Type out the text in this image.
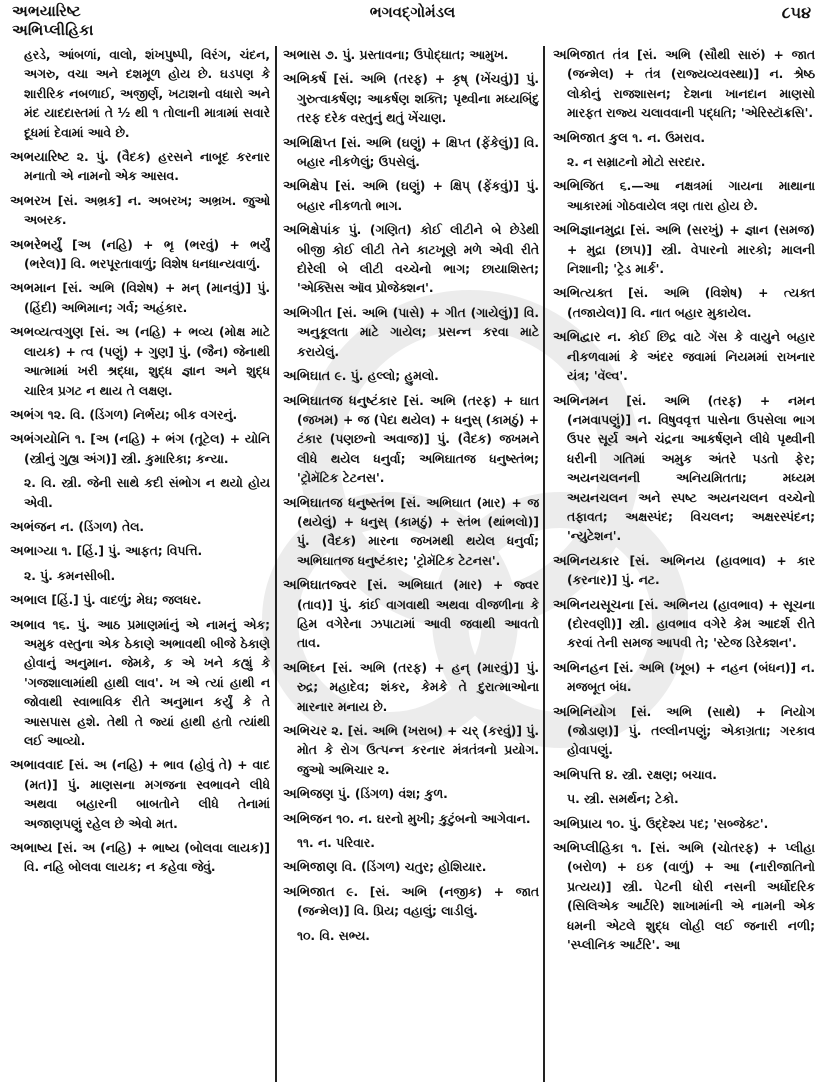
અભયારિષ્ટ
અભિપ્લીહિકા
ભગવદ્ગોમંડલ	૮૫૪

હરડે, આંબળાં, વાલો, શંખપુષ્પી, વિરંગ, ચંદન, અગરુ, વચા અને દશમૂળ હોય છે. ઘડપણ કે શારીરિક નબળાઈ, અજીર્ણ, ખટાશનો વધારો અને મંદ યાદદાસ્તમાં તે ½ થી ૧ તોલાની માત્રામાં સવારે દૂધમાં દેવામાં આવે છે.

અભયારિષ્ટ ૨. પું. (વૈદક) હરસને નાબૂદ કરનાર મનાતો એ નામનો એક આસવ.

અભરખ [સં. અભ્રક] ન. અબરખ; અભ્રખ. જુઓ અબરક.

અભરેભર્યું [અ (નહિ) + ભૃ (ભરવું) + ભર્યું (ભરેલ)] વિ. ભરપૂરતાવાળું; વિશેષ ધનધાન્યવાળું.

અભમાન [સં. અભિ (વિશેષ) + મન્ (માનવું)] પું. (હિંદી) અભિમાન; ગર્વ; અહંકાર.

અભવ્યત્વગુણ [સં. અ (નહિ) + ભવ્ય (મોક્ષ માટે લાયક) + ત્વ (પણું) + ગુણ] પું. (જૈન) જેનાથી આત્મામાં ખરી શ્રદ્ધા, શુદ્ધ જ્ઞાન અને શુદ્ધ ચારિત્ર પ્રગટ ન થાય તે લક્ષણ.

અભંગ ૧૨. વિ. (ડિંગળ) નિર્ભય; બીક વગરનું.

અભંગયોનિ ૧. [અ (નહિ) + ભંગ (તૂટેલ) + યોનિ (સ્ત્રીનું ગુહ્ય અંગ)] સ્ત્રી. કુમારિકા; કન્યા.

૨. વિ. સ્ત્રી. જેની સાથે કદી સંભોગ ન થયો હોય એવી.

અભંજન ન. (ડિંગળ) તેલ.

અભાગ્યા ૧. [હિં.] પું. આફત; વિપત્તિ.

૨. પું. કમનસીબી.

અભાલ [હિં.] પું. વાદળું; મેઘ; જલધર.

અભાવ ૧૬. પું. આઠ પ્રમાણમાંનું એ નામનું એક; અમુક વસ્તુના એક ઠેકાણે અભાવથી બીજે ઠેકાણે હોવાનું અનુમાન. જેમકે, ક એ ખને કહ્યું કે 'ગજશાલામાંથી હાથી લાવ'. ખ એ ત્યાં હાથી ન જોવાથી સ્વાભાવિક રીતે અનુમાન કર્યું કે તે આસપાસ હશે. તેથી તે જ્યાં હાથી હતો ત્યાંથી લઈ આવ્યો.

અભાવવાદ [સં. અ (નહિ) + ભાવ (હોવું તે) + વાદ (મત)] પું. માણસના મગજના સ્વભાવને લીધે અથવા બહારની બાબતોને લીધે તેનામાં અજાણપણું રહેલ છે એવો મત.

અભાષ્ય [સં. અ (નહિ) + ભાષ્ય (બોલવા લાયક)] વિ. નહિ બોલવા લાયક; ન કહેવા જેવું.

અભાસ ૭. પું. પ્રસ્તાવના; ઉપોદ્ઘાત; આમુખ.

અભિકર્ષ [સં. અભિ (તરફ) + કૃષ્ (ખેંચવું)] પું. ગુરુત્વાકર્ષણ; આકર્ષણ શક્તિ; પૃથ્વીના મધ્યબિંદુ તરફ દરેક વસ્તુનું થતું ખેંચાણ.

અભિક્ષિપ્ત [સં. અભિ (ઘણું) + ક્ષિપ્ત (ફેંકેલું)] વિ. બહાર નીકળેલું; ઉપસેલું.

અભિક્ષેપ [સં. અભિ (ઘણું) + ક્ષિપ્ (ફેંકવું)] પું. બહાર નીકળતો ભાગ.

અભિક્ષેપાંક પું. (ગણિત) કોઈ લીટીને બે છેડેથી બીજી કોઈ લીટી તેને કાટખૂણે મળે એવી રીતે દોરેલી બે લીટી વચ્ચેનો ભાગ; છાયાશિસ્ત; 'એક્સિસ ઑવ પ્રોજેક્શન'.

અભિગીત [સં. અભિ (પાસે) + ગીત (ગાયેલું)] વિ. અનુકૂલતા માટે ગાયેલ; પ્રસન્ન કરવા માટે કરાયેલું.

અભિઘાત ૯. પું. હલ્લો; હુમલો.

અભિઘાતજ ધનુષ્ટંકાર [સં. અભિ (તરફ) + ઘાત (જખમ) + જ (પેદા થયેલ) + ધનુસ્ (કામઠું) + ટંકાર (પણછનો અવાજ)] પું. (વૈદક) જખમને લીધે થયેલ ધનુર્વા; અભિઘાતજ ધનુષ્સ્તંભ; 'ટ્રોમૅટિક ટેટનસ'.

અભિઘાતજ ધનુષ્સ્તંભ [સં. અભિઘાત (માર) + જ (થયેલું) + ધનુસ્ (કામઠું) + સ્તંભ (થાંભલો)] પું. (વૈદક) મારના જખમથી થયેલ ધનુર્વા; અભિઘાતજ ધનુષ્ટંકાર; 'ટ્રોમૅટિક ટેટનસ'.

અભિઘાતજ્વર [સં. અભિઘાત (માર) + જ્વર (તાવ)] પું. કાંઈ વાગવાથી અથવા વીજળીના કે હિમ વગેરેના ઝપાટામાં આવી જવાથી આવતો તાવ.

અભિઘ્ન [સં. અભિ (તરફ) + હન્ (મારવું)] પું. રુદ્ર; મહાદેવ; શંકર, કેમકે તે દુરાત્માઓના મારનાર મનાય છે.

અભિચર ૨. [સં. અભિ (ખરાબ) + ચર્ (કરવું)] પું. મોત કે રોગ ઉત્પન્ન કરનાર મંત્રતંત્રનો પ્રયોગ. જુઓ અભિચાર ૨.

અભિજણ પું. (ડિંગળ) વંશ; કુળ.

અભિજન ૧૦. ન. ઘરનો મુખી; કુટુંબનો આગેવાન.

૧૧. ન. પરિવાર.

અભિજાણ વિ. (ડિંગળ) ચતુર; હોશિયાર.

અભિજાત ૯. [સં. અભિ (નજીક) + જાત (જન્મેલ)] વિ. પ્રિય; વહાલું; લાડીલું.

૧૦. વિ. સભ્ય.

અભિજાત તંત્ર [સં. અભિ (સૌથી સારું) + જાત (જન્મેલ) + તંત્ર (રાજ્યવ્યવસ્થા)] ન. શ્રેષ્ઠ લોકોનું રાજશાસન; દેશના ખાનદાન માણસો મારફત રાજ્ય ચલાવવાની પદ્ધતિ; 'એરિસ્ટૉક્રસિ'.

અભિજાત કુલ ૧. ન. ઉમરાવ.

૨. ન સમ્રાટનો મોટો સરદાર.

અભિજિત ૬.—આ નક્ષત્રમાં ગાયના માથાના આકારમાં ગોઠવાયેલ ત્રણ તારા હોય છે.

અભિજ્ઞાનમુદ્રા [સં. અભિ (સરખું) + જ્ઞાન (સમજ) + મુદ્રા (છાપ)] સ્ત્રી. વેપારનો મારકો; માલની નિશાની; 'ટ્રેડ માર્ક'.

અભિત્યક્ત [સં. અભિ (વિશેષ) + ત્યક્ત (તજાયેલ)] વિ. નાત બહાર મુકાયેલ.

અભિદ્વાર ન. કોઈ છિદ્ર વાટે ગૅસ કે વાયુને બહાર નીકળવામાં કે અંદર જવામાં નિયમમાં રાખનાર યંત્ર; 'વૅલ્વ'.

અભિનમન [સં. અભિ (તરફ) + નમન (નમવાપણું)] ન. વિષુવવૃત્ત પાસેના ઉપસેલા ભાગ ઉપર સૂર્ય અને ચંદ્રના આકર્ષણને લીધે પૃથ્વીની ધરીની ગતિમાં અમુક અંતરે પડતો ફેર; અયનચલનની અનિયમિતતા; મધ્યમ અયનચલન અને સ્પષ્ટ અયનચલન વચ્ચેનો તફાવત; અક્ષસ્પંદ; વિચલન; અક્ષરસ્પંદન; 'ન્યુટેશન'.

અભિનયકાર [સં. અભિનય (હાવભાવ) + કાર (કરનાર)] પું. નટ.

અભિનયસૂચના [સં. અભિનય (હાવભાવ) + સૂચના (દોરવણી)] સ્ત્રી. હાવભાવ વગેરે કેમ આદર્શ રીતે કરવાં તેની સમજ આપવી તે; 'સ્ટેજ ડિરેક્શન'.

અભિનહન [સં. અભિ (ખૂબ) + નહન (બંધન)] ન. મજબૂત બંધ.

અભિનિયોગ [સં. અભિ (સાથે) + નિયોગ (જોડાણ)] પું. તલ્લીનપણું; એકાગ્રતા; ગરકાવ હોવાપણું.

અભિપત્તિ ૪. સ્ત્રી. રક્ષણ; બચાવ.

૫. સ્ત્રી. સમર્થન; ટેકો.

અભિપ્રાય ૧૦. પું. ઉદ્દેશ્ય પદ; 'સબ્જેક્ટ'.

અભિપ્લીહિકા ૧. [સં. અભિ (ચોતરફ) + પ્લીહા (બરોળ) + ઇક (વાળું) + આ (નારીજાતિનો પ્રત્યય)] સ્ત્રી. પેટની ધોરી નસની અર્ધોદરિક (સિલિએક આર્ટરિ) શાખામાંની એ નામની એક ધમની એટલે શુદ્ધ લોહી લઈ જનારી નળી; 'સ્પ્લીનિક આર્ટરિ'. આ
